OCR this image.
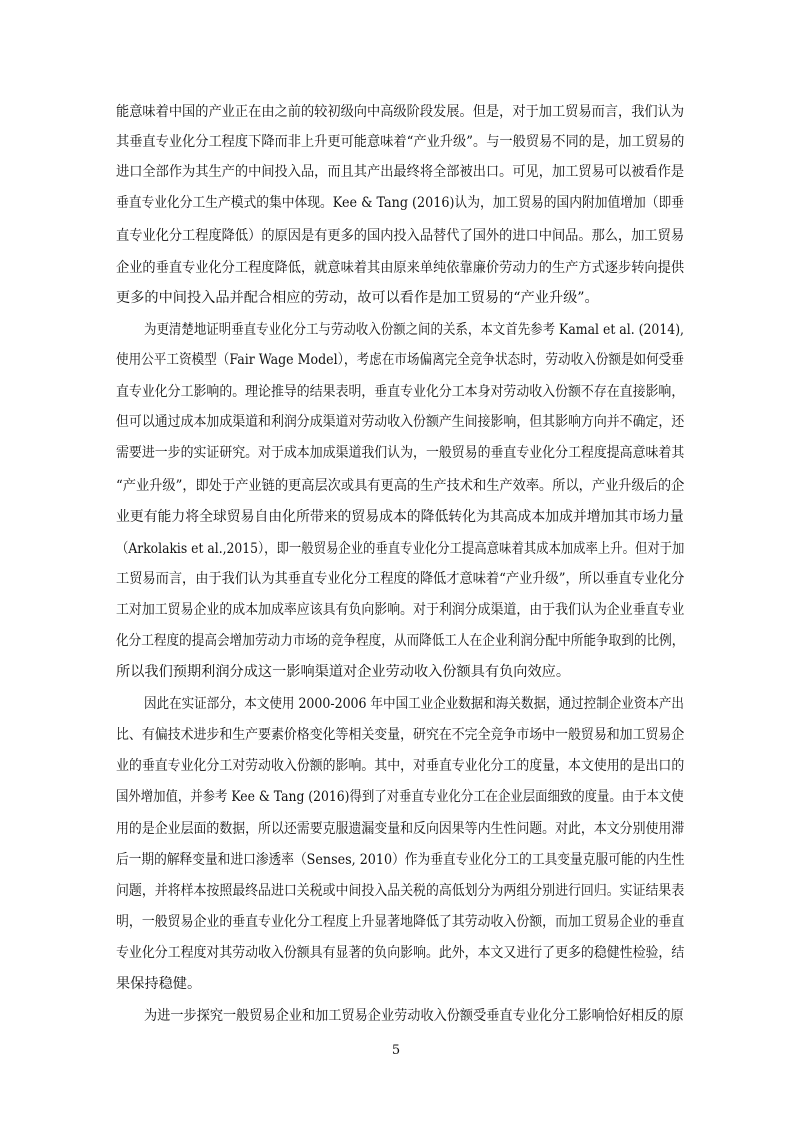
能意味着中国的产业正在由之前的较初级向中高级阶段发展。但是，对于加工贸易而言，我们认为
其垂直专业化分工程度下降而非上升更可能意味着“产业升级”。与一般贸易不同的是，加工贸易的
进口全部作为其生产的中间投入品，而且其产出最终将全部被出口。可见，加工贸易可以被看作是
垂直专业化分工生产模式的集中体现。Kee & Tang (2016)认为，加工贸易的国内附加值增加（即垂
直专业化分工程度降低）的原因是有更多的国内投入品替代了国外的进口中间品。那么，加工贸易
企业的垂直专业化分工程度降低，就意味着其由原来单纯依靠廉价劳动力的生产方式逐步转向提供
更多的中间投入品并配合相应的劳动，故可以看作是加工贸易的“产业升级”。
为更清楚地证明垂直专业化分工与劳动收入份额之间的关系，本文首先参考 Kamal et al. (2014),
使用公平工资模型（Fair Wage Model），考虑在市场偏离完全竞争状态时，劳动收入份额是如何受垂
直专业化分工影响的。理论推导的结果表明，垂直专业化分工本身对劳动收入份额不存在直接影响，
但可以通过成本加成渠道和利润分成渠道对劳动收入份额产生间接影响，但其影响方向并不确定，还
需要进一步的实证研究。对于成本加成渠道我们认为，一般贸易的垂直专业化分工程度提高意味着其
“产业升级”，即处于产业链的更高层次或具有更高的生产技术和生产效率。所以，产业升级后的企
业更有能力将全球贸易自由化所带来的贸易成本的降低转化为其高成本加成并增加其市场力量
（Arkolakis et al.,2015），即一般贸易企业的垂直专业化分工提高意味着其成本加成率上升。但对于加
工贸易而言，由于我们认为其垂直专业化分工程度的降低才意味着“产业升级”，所以垂直专业化分
工对加工贸易企业的成本加成率应该具有负向影响。对于利润分成渠道，由于我们认为企业垂直专业
化分工程度的提高会增加劳动力市场的竞争程度，从而降低工人在企业利润分配中所能争取到的比例，
所以我们预期利润分成这一影响渠道对企业劳动收入份额具有负向效应。
因此在实证部分，本文使用 2000-2006 年中国工业企业数据和海关数据，通过控制企业资本产出
比、有偏技术进步和生产要素价格变化等相关变量，研究在不完全竞争市场中一般贸易和加工贸易企
业的垂直专业化分工对劳动收入份额的影响。其中，对垂直专业化分工的度量，本文使用的是出口的
国外增加值，并参考 Kee & Tang (2016)得到了对垂直专业化分工在企业层面细致的度量。由于本文使
用的是企业层面的数据，所以还需要克服遗漏变量和反向因果等内生性问题。对此，本文分别使用滞
后一期的解释变量和进口渗透率（Senses, 2010）作为垂直专业化分工的工具变量克服可能的内生性
问题，并将样本按照最终品进口关税或中间投入品关税的高低划分为两组分别进行回归。实证结果表
明，一般贸易企业的垂直专业化分工程度上升显著地降低了其劳动收入份额，而加工贸易企业的垂直
专业化分工程度对其劳动收入份额具有显著的负向影响。此外，本文又进行了更多的稳健性检验，结
果保持稳健。
为进一步探究一般贸易企业和加工贸易企业劳动收入份额受垂直专业化分工影响恰好相反的原
5
